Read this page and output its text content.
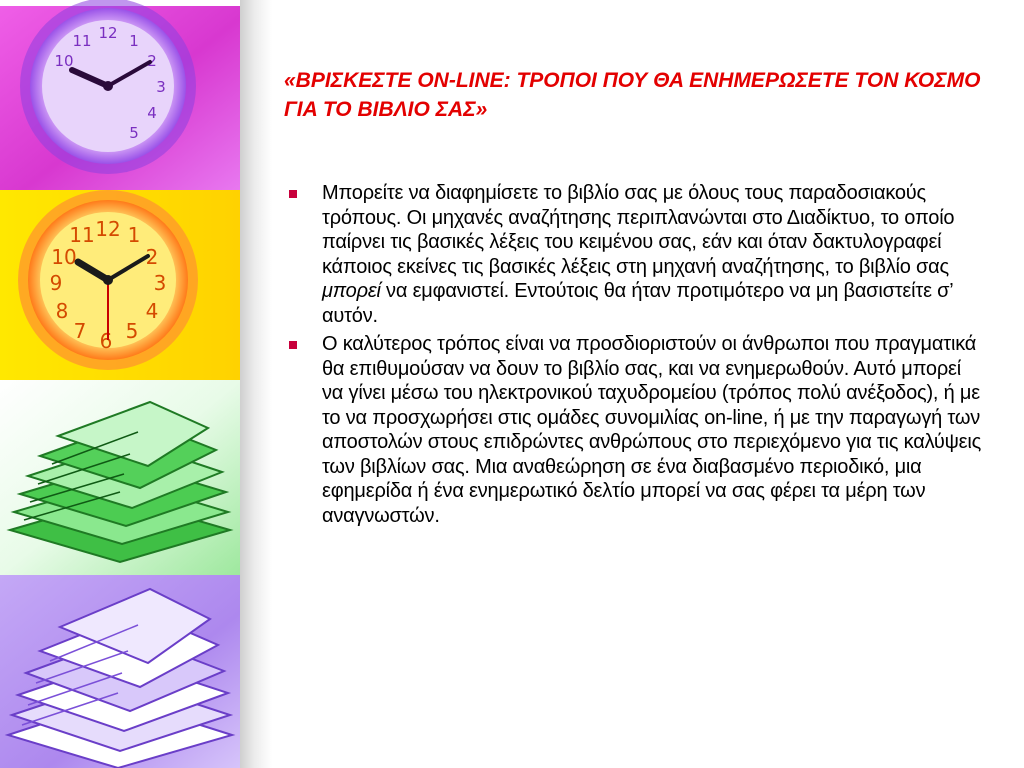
12 1
2
3
4
5
11
10
12 1
2
3
4
5
6
7
8
9
10
11
«ΒΡΙΣΚΕΣΤΕ ON-LINE: ΤΡΟΠΟΙ ΠΟΥ ΘΑ ΕΝΗΜΕΡΩΣΕΤΕ ΤΟΝ ΚΟΣΜΟ ΓΙΑ ΤΟ ΒΙΒΛΙΟ ΣΑΣ»
Μπορείτε να διαφημίσετε το βιβλίο σας με όλους τους παραδοσιακούς τρόπους. Οι μηχανές αναζήτησης περιπλανώνται στο Διαδίκτυο, το οποίο παίρνει τις βασικές λέξεις του κειμένου σας, εάν και όταν δακτυλογραφεί κάποιος εκείνες τις βασικές λέξεις στη μηχανή αναζήτησης, το βιβλίο σας μπορεί να εμφανιστεί. Εντούτοις θα ήταν προτιμότερο να μη βασιστείτε σ’ αυτόν.
Ο καλύτερος τρόπος είναι να προσδιοριστούν οι άνθρωποι που πραγματικά θα επιθυμούσαν να δουν το βιβλίο σας, και να ενημερωθούν. Αυτό μπορεί να γίνει μέσω του ηλεκτρονικού ταχυδρομείου (τρόπος πολύ ανέξοδος), ή με το να προσχωρήσει στις ομάδες συνομιλίας on-line, ή με την παραγωγή των αποστολών στους επιδρώντες ανθρώπους στο περιεχόμενο για τις καλύψεις των βιβλίων σας. Μια αναθεώρηση σε ένα διαβασμένο περιοδικό, μια εφημερίδα ή ένα ενημερωτικό δελτίο μπορεί να σας φέρει τα μέρη των αναγνωστών.
